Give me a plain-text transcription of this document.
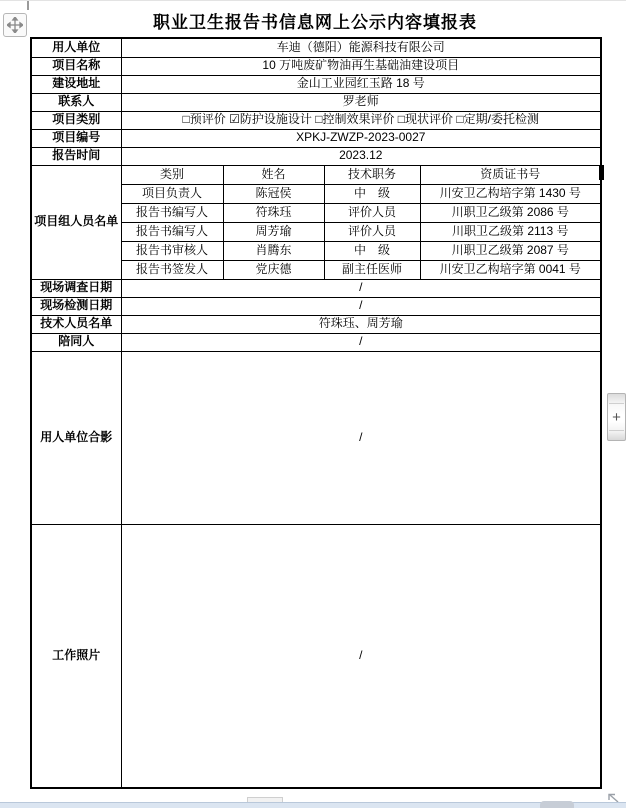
职业卫生报告书信息网上公示内容填报表
用人单位	车迪（德阳）能源科技有限公司			
项目名称	10 万吨废矿物油再生基础油建设项目			
建设地址	金山工业园红玉路 18 号			
联系人	罗老师			
项目类别	□预评价 ☑防护设施设计 □控制效果评价 □现状评价 □定期/委托检测			
项目编号	XPKJ-ZWZP-2023-0027			
报告时间	2023.12			
项目组人员名单	类别	姓名	技术职务	资质证书号
	项目负责人	陈冠侯	中　级	川安卫乙构培字第 1430 号
	报告书编写人	符珠珏	评价人员	川职卫乙级第 2086 号
	报告书编写人	周芳瑜	评价人员	川职卫乙级第 2113 号
	报告书审核人	肖腾东	中　级	川职卫乙级第 2087 号
	报告书签发人	党庆德	副主任医师	川安卫乙构培字第 0041 号
现场调查日期	/			
现场检测日期	/			
技术人员名单	符珠珏、周芳瑜			
陪同人	/			
用人单位合影	/			
工作照片	/			
+
